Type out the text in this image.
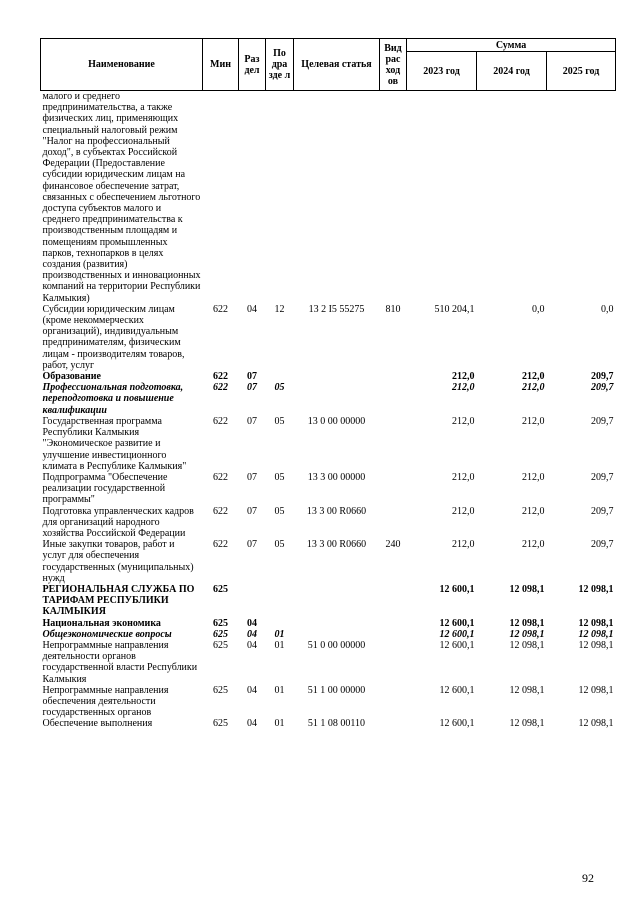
Наименование	Мин	Раз дел	По дра зде л	Целевая статья	Вид рас ход ов	Сумма		
						2023 год	2024 год	2025 год
малого и среднего предпринимательства, а также физических лиц, применяющих специальный налоговый режим "Налог на профессиональный доход", в субъектах Российской Федерации (Предоставление субсидии юридическим лицам на финансовое обеспечение затрат, связанных с обеспечением льготного доступа субъектов малого и среднего предпринимательства к производственным площадям и помещениям промышленных парков, технопарков в целях создания (развития) производственных и инновационных компаний на территории Республики Калмыкия)								
Субсидии юридическим лицам (кроме некоммерческих организаций), индивидуальным предпринимателям, физическим лицам - производителям товаров, работ, услуг	622	04	12	13 2 I5 55275	810	510 204,1	0,0	0,0
Образование	622	07				212,0	212,0	209,7
Профессиональная подготовка, переподготовка и повышение квалификации	622	07	05			212,0	212,0	209,7
Государственная программа Республики Калмыкия "Экономическое развитие и улучшение инвестиционного климата в Республике Калмыкия"	622	07	05	13 0 00 00000		212,0	212,0	209,7
Подпрограмма "Обеспечение реализации государственной программы"	622	07	05	13 3 00 00000		212,0	212,0	209,7
Подготовка управленческих кадров для организаций народного хозяйства Российской Федерации	622	07	05	13 3 00 R0660		212,0	212,0	209,7
Иные закупки товаров, работ и услуг для обеспечения государственных (муниципальных) нужд	622	07	05	13 3 00 R0660	240	212,0	212,0	209,7
РЕГИОНАЛЬНАЯ СЛУЖБА ПО ТАРИФАМ РЕСПУБЛИКИ КАЛМЫКИЯ	625					12 600,1	12 098,1	12 098,1
Национальная экономика	625	04				12 600,1	12 098,1	12 098,1
Общеэкономические вопросы	625	04	01			12 600,1	12 098,1	12 098,1
Непрограммные направления деятельности органов государственной власти Республики Калмыкия	625	04	01	51 0 00 00000		12 600,1	12 098,1	12 098,1
Непрограммные направления обеспечения деятельности государственных органов	625	04	01	51 1 00 00000		12 600,1	12 098,1	12 098,1
Обеспечение выполнения	625	04	01	51 1 08 00110		12 600,1	12 098,1	12 098,1
92
